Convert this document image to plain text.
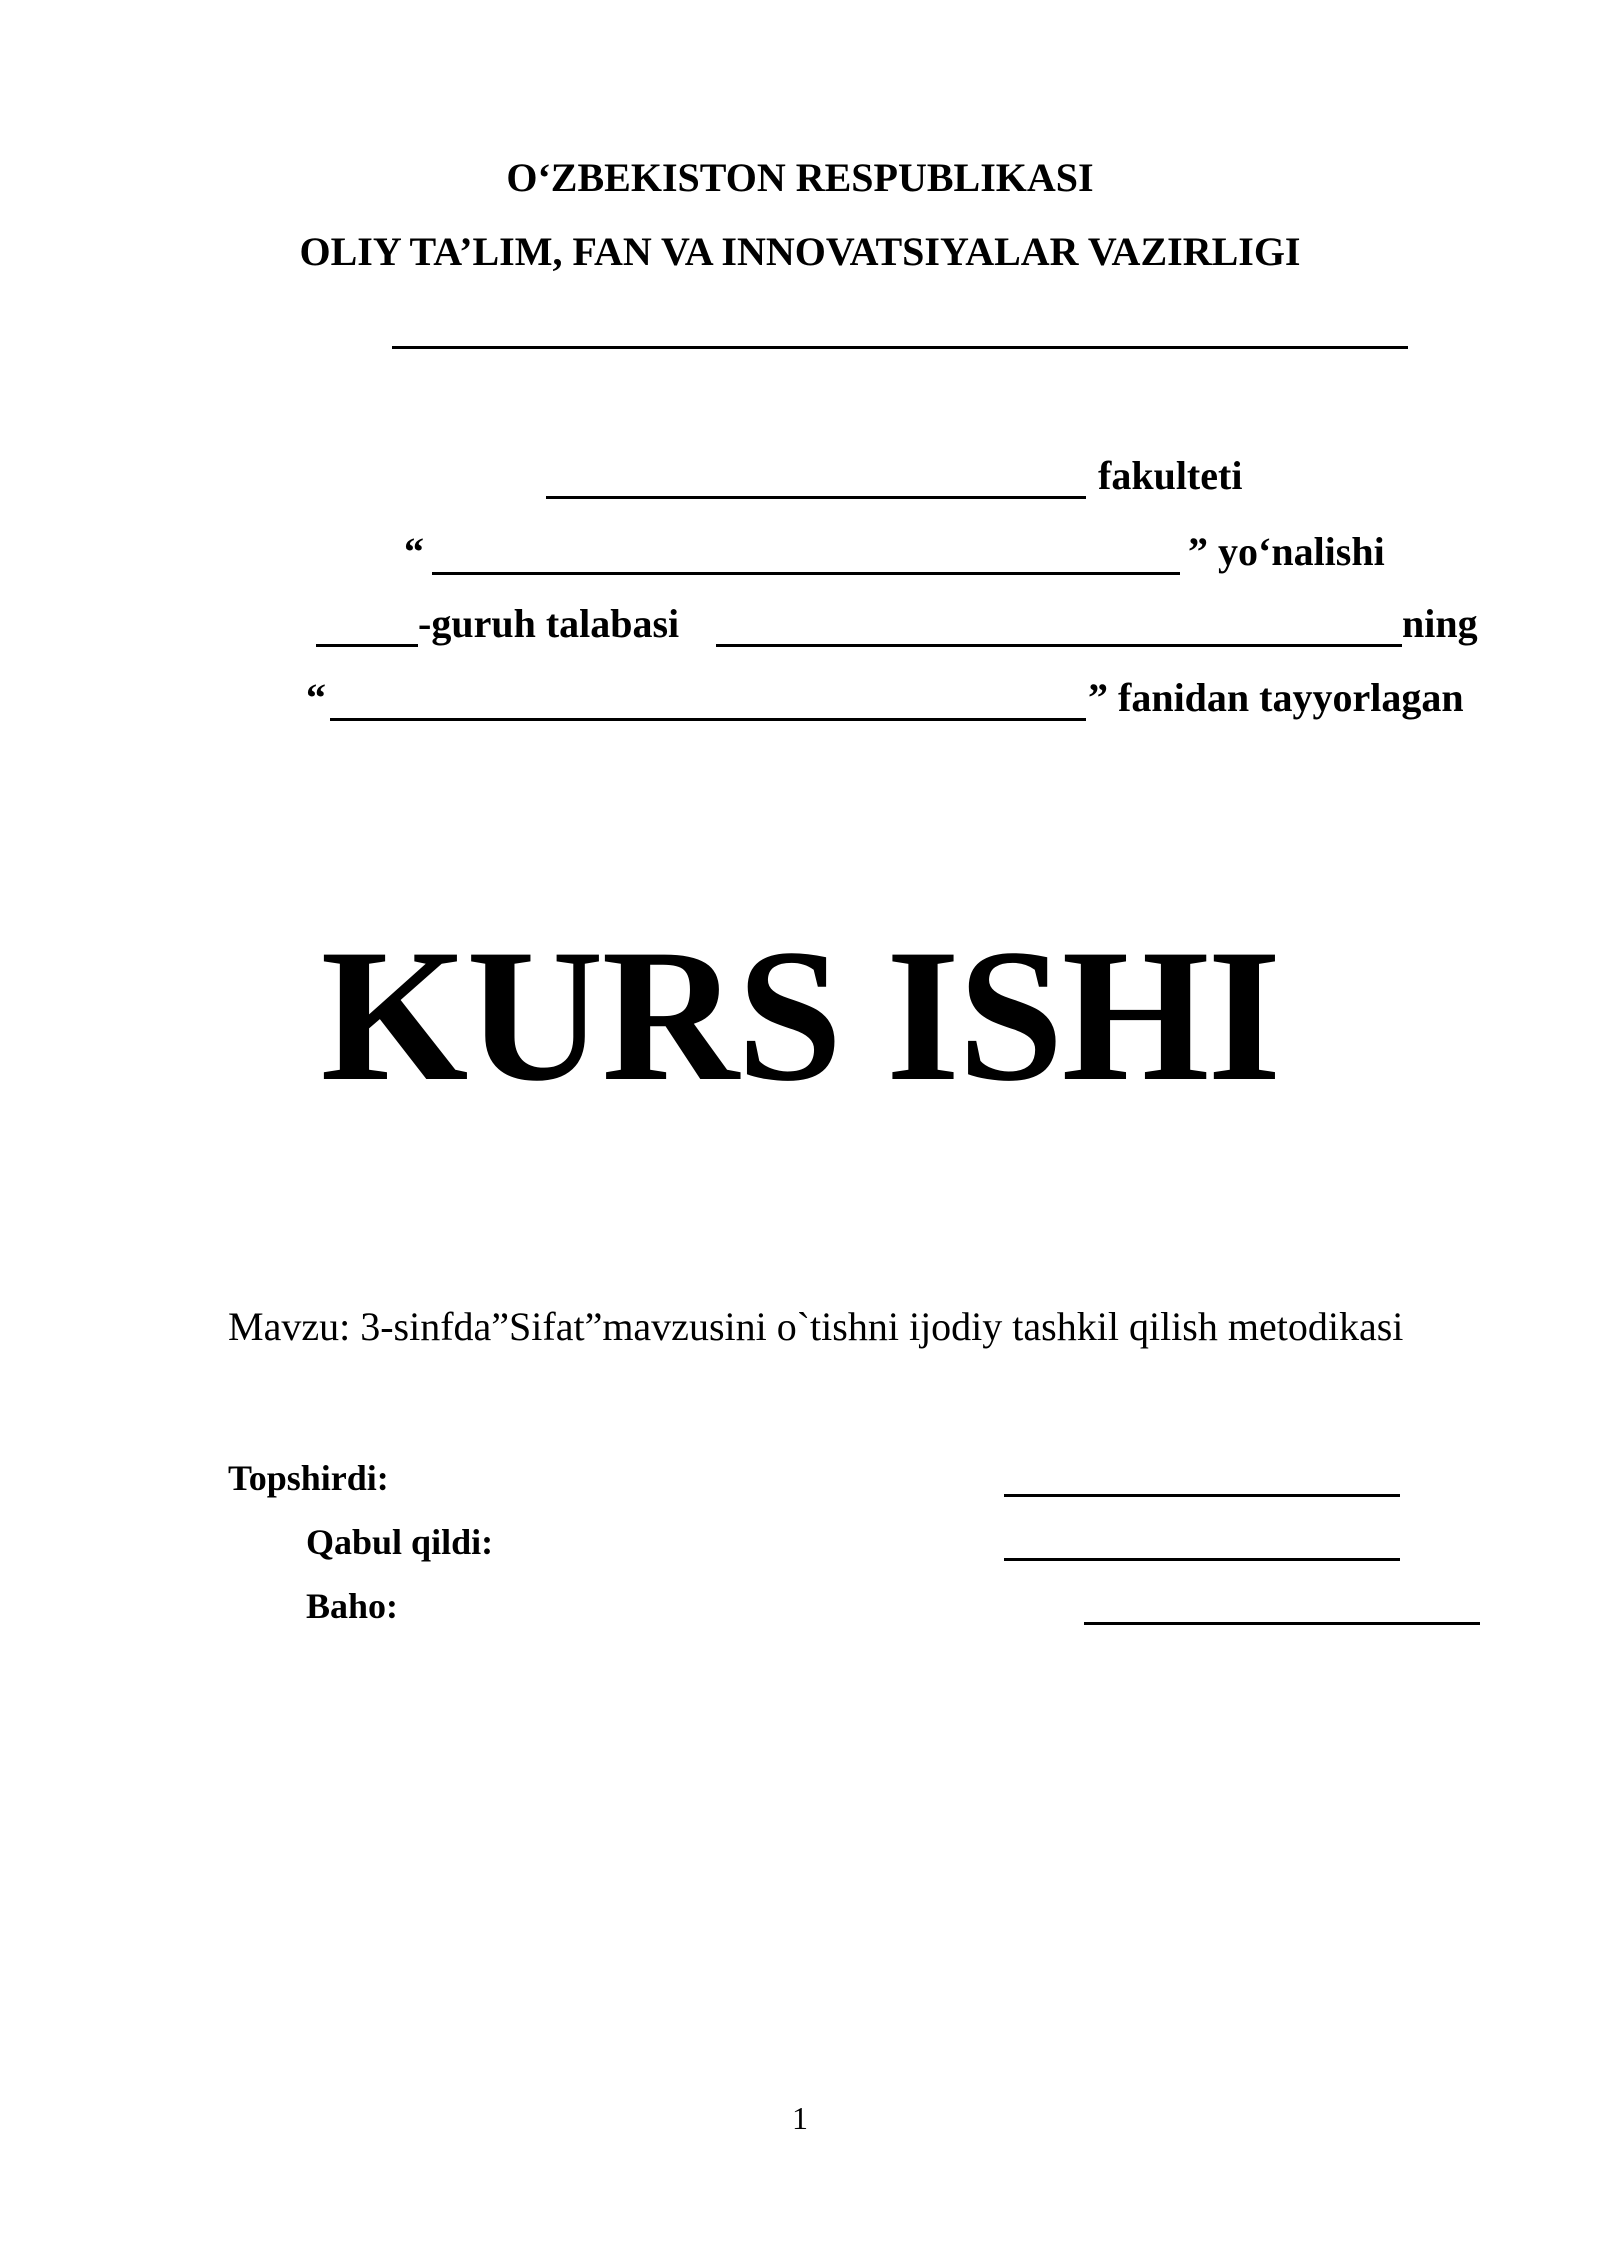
O‘ZBEKISTON RESPUBLIKASI
OLIY TA’LIM, FAN VA INNOVATSIYALAR VAZIRLIGI
fakulteti
“	” yo‘nalishi
-guruh talabasi	ning
“	” fanidan tayyorlagan
KURS ISHI
Mavzu: 3-sinfda”Sifat”mavzusini o`tishni ijodiy tashkil qilish metodikasi
Topshirdi:
Qabul qildi:
Baho:
1
